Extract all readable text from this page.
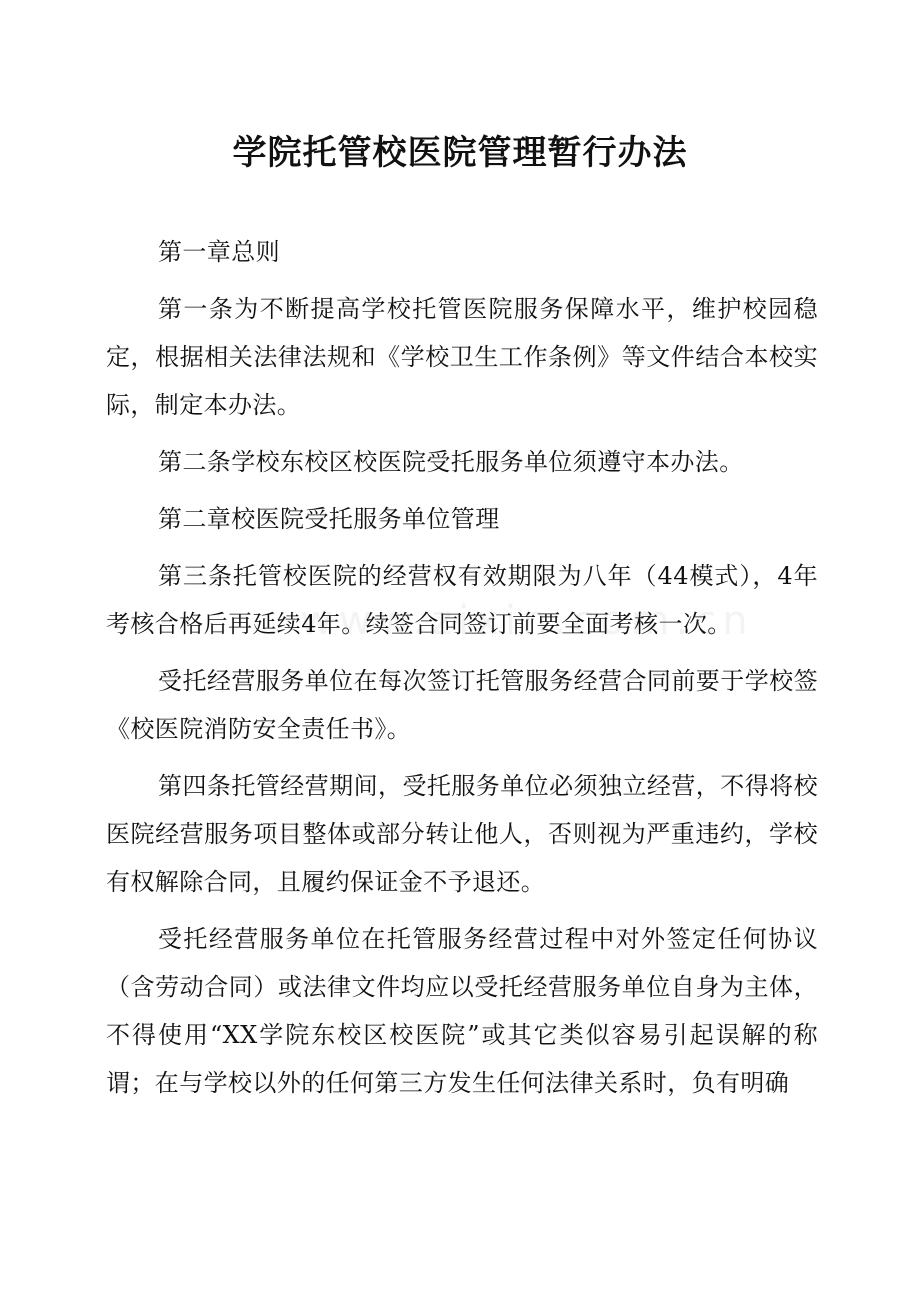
学院托管校医院管理暂行办法

第一章总则

第一条为不断提高学校托管医院服务保障水平，维护校园稳定，根据相关法律法规和《学校卫生工作条例》等文件结合本校实际，制定本办法。

第二条学校东校区校医院受托服务单位须遵守本办法。

第二章校医院受托服务单位管理

第三条托管校医院的经营权有效期限为八年（44模式），4年考核合格后再延续4年。续签合同签订前要全面考核一次。

受托经营服务单位在每次签订托管服务经营合同前要于学校签《校医院消防安全责任书》。

第四条托管经营期间，受托服务单位必须独立经营，不得将校医院经营服务项目整体或部分转让他人，否则视为严重违约，学校有权解除合同，且履约保证金不予退还。

受托经营服务单位在托管服务经营过程中对外签定任何协议（含劳动合同）或法律文件均应以受托经营服务单位自身为主体，不得使用“XX学院东校区校医院”或其它类似容易引起误解的称谓；在与学校以外的任何第三方发生任何法律关系时，负有明确
